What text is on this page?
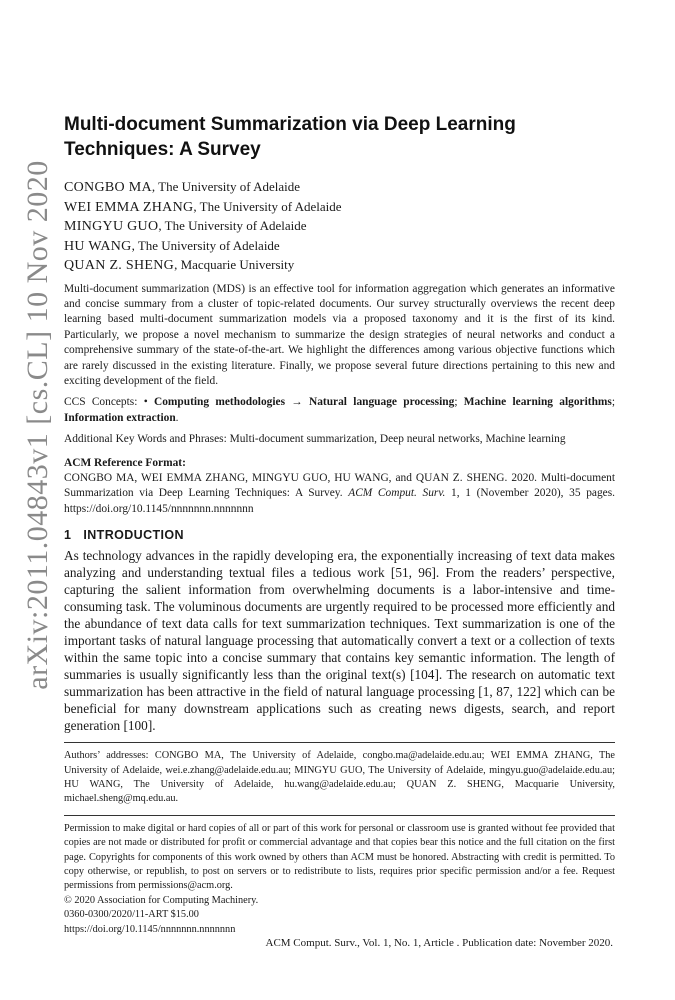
arXiv:2011.04843v1 [cs.CL] 10 Nov 2020
Multi-document Summarization via Deep Learning Techniques: A Survey
CONGBO MA, The University of Adelaide
WEI EMMA ZHANG, The University of Adelaide
MINGYU GUO, The University of Adelaide
HU WANG, The University of Adelaide
QUAN Z. SHENG, Macquarie University

Multi-document summarization (MDS) is an effective tool for information aggregation which generates an informative and concise summary from a cluster of topic-related documents. Our survey structurally overviews the recent deep learning based multi-document summarization models via a proposed taxonomy and it is the first of its kind. Particularly, we propose a novel mechanism to summarize the design strategies of neural networks and conduct a comprehensive summary of the state-of-the-art. We highlight the differences among various objective functions which are rarely discussed in the existing literature. Finally, we propose several future directions pertaining to this new and exciting development of the field.

CCS Concepts: • Computing methodologies → Natural language processing; Machine learning algorithms; Information extraction.

Additional Key Words and Phrases: Multi-document summarization, Deep neural networks, Machine learning

ACM Reference Format:

CONGBO MA, WEI EMMA ZHANG, MINGYU GUO, HU WANG, and QUAN Z. SHENG. 2020. Multi-document Summarization via Deep Learning Techniques: A Survey. ACM Comput. Surv. 1, 1 (November 2020), 35 pages. https://doi.org/10.1145/nnnnnnn.nnnnnnn

1 INTRODUCTION

As technology advances in the rapidly developing era, the exponentially increasing of text data makes analyzing and understanding textual files a tedious work [51, 96]. From the readers’ perspective, capturing the salient information from overwhelming documents is a labor-intensive and time-consuming task. The voluminous documents are urgently required to be processed more efficiently and the abundance of text data calls for text summarization techniques. Text summarization is one of the important tasks of natural language processing that automatically convert a text or a collection of texts within the same topic into a concise summary that contains key semantic information. The length of summaries is usually significantly less than the original text(s) [104]. The research on automatic text summarization has been attractive in the field of natural language processing [1, 87, 122] which can be beneficial for many downstream applications such as creating news digests, search, and report generation [100].

Authors’ addresses: CONGBO MA, The University of Adelaide, congbo.ma@adelaide.edu.au; WEI EMMA ZHANG, The University of Adelaide, wei.e.zhang@adelaide.edu.au; MINGYU GUO, The University of Adelaide, mingyu.guo@adelaide.edu.au; HU WANG, The University of Adelaide, hu.wang@adelaide.edu.au; QUAN Z. SHENG, Macquarie University, michael.sheng@mq.edu.au.

Permission to make digital or hard copies of all or part of this work for personal or classroom use is granted without fee provided that copies are not made or distributed for profit or commercial advantage and that copies bear this notice and the full citation on the first page. Copyrights for components of this work owned by others than ACM must be honored. Abstracting with credit is permitted. To copy otherwise, or republish, to post on servers or to redistribute to lists, requires prior specific permission and/or a fee. Request permissions from permissions@acm.org.

© 2020 Association for Computing Machinery.
0360-0300/2020/11-ART $15.00
https://doi.org/10.1145/nnnnnnn.nnnnnnn
ACM Comput. Surv., Vol. 1, No. 1, Article . Publication date: November 2020.
